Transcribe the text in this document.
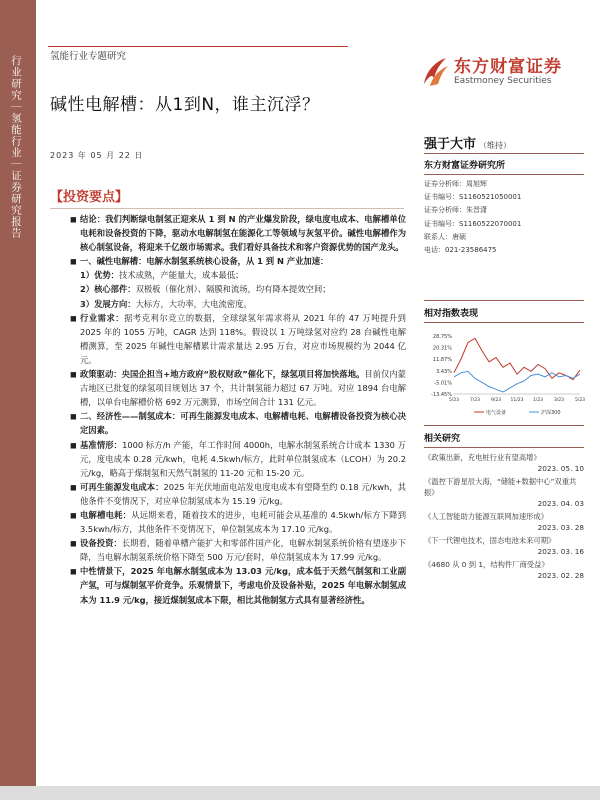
行业研究｜氢能行业｜证券研究报告	氢能行业专题研究
碱性电解槽：从1到N，谁主沉浮？
2023 年 05 月 22 日
东方财富证券
Eastmoney Securities
强于大市 （维持）
东方财富证券研究所
证券分析师：周旭辉
证书编号：S1160521050001
证券分析师：朱晋潇
证书编号：S1160522070001
联系人：唐硕
电话：021-23586475
相对指数表现
28.75%
20.31%
11.87%
3.43%
-5.01%
-13.45%
5/23 7/23 9/23 11/23 1/23 3/23 5/23
电气设备	沪深300
相关研究
《政策出新，充电桩行业有望高增》
2023. 05. 10
《温控下游星辰大海，“储能+数据中心”双重共振》
2023. 04. 03
《人工智能助力能源互联网加速形成》
2023. 03. 28
《下一代锂电技术，固态电池未来可期》
2023. 03. 16
《4680 从 0 到 1，结构件厂商受益》
2023. 02. 28
【投资要点】

◼ 结论：我们判断绿电制氢正迎来从 1 到 N 的产业爆发阶段，绿电度电成本、电解槽单位电耗和设备投资的下降，驱动水电解制氢在能源化工等领域与灰氢平价。碱性电解槽作为核心制氢设备，将迎来千亿级市场需求。我们看好具备技术和客户资源优势的国产龙头。

◼ 一、碱性电解槽：电解水制氢系统核心设备，从 1 到 N 产业加速：

1）优势：技术成熟，产能量大，成本最低；

2）核心部件：双极板（催化剂）、隔膜和流场，均有降本提效空间；

3）发展方向：大标方，大功率，大电流密度。

◼ 行业需求：据考克利尔竞立的数据，全球绿氢年需求将从 2021 年的 47 万吨提升到 2025 年的 1055 万吨，CAGR 达到 118%。假设以 1 万吨绿氢对应约 28 台碱性电解槽测算，至 2025 年碱性电解槽累计需求量达 2.95 万台，对应市场规模约为 2044 亿元。

◼ 政策驱动：央国企担当+地方政府“股权财政”催化下，绿氢项目将加快落地。目前仅内蒙古地区已批复的绿氢项目规划达 37 个，共计制氢能力超过 67 万吨。对应 1894 台电解槽，以单台电解槽价格 692 万元测算，市场空间合计 131 亿元。

◼ 二、经济性——制氢成本：可再生能源发电成本、电解槽电耗、电解槽设备投资为核心决定因素。

◼ 基准情形：1000 标方/h 产能，年工作时间 4000h，电解水制氢系统合计成本 1330 万元，度电成本 0.28 元/kwh，电耗 4.5kwh/标方，此时单位制氢成本（LCOH）为 20.2 元/kg，略高于煤制氢和天然气制氢的 11-20 元和 15-20 元。

◼ 可再生能源发电成本：2025 年光伏地面电站发电度电成本有望降至约 0.18 元/kwh，其他条件不变情况下，对应单位制氢成本为 15.19 元/kg。

◼ 电解槽电耗：从远期来看，随着技术的进步，电耗可能会从基准的 4.5kwh/标方下降到 3.5kwh/标方，其他条件不变情况下，单位制氢成本为 17.10 元/kg。

◼ 设备投资：长期看，随着单槽产能扩大和零部件国产化，电解水制氢系统价格有望逐步下降，当电解水制氢系统价格下降至 500 万元/套时，单位制氢成本为 17.99 元/kg。

◼ 中性情景下，2025 年电解水制氢成本为 13.03 元/kg，成本低于天然气制氢和工业副产氢，可与煤制氢平价竞争。乐观情景下，考虑电价及设备补贴，2025 年电解水制氢成本为 11.9 元/kg，接近煤制氢成本下限，相比其他制氢方式具有显著经济性。
